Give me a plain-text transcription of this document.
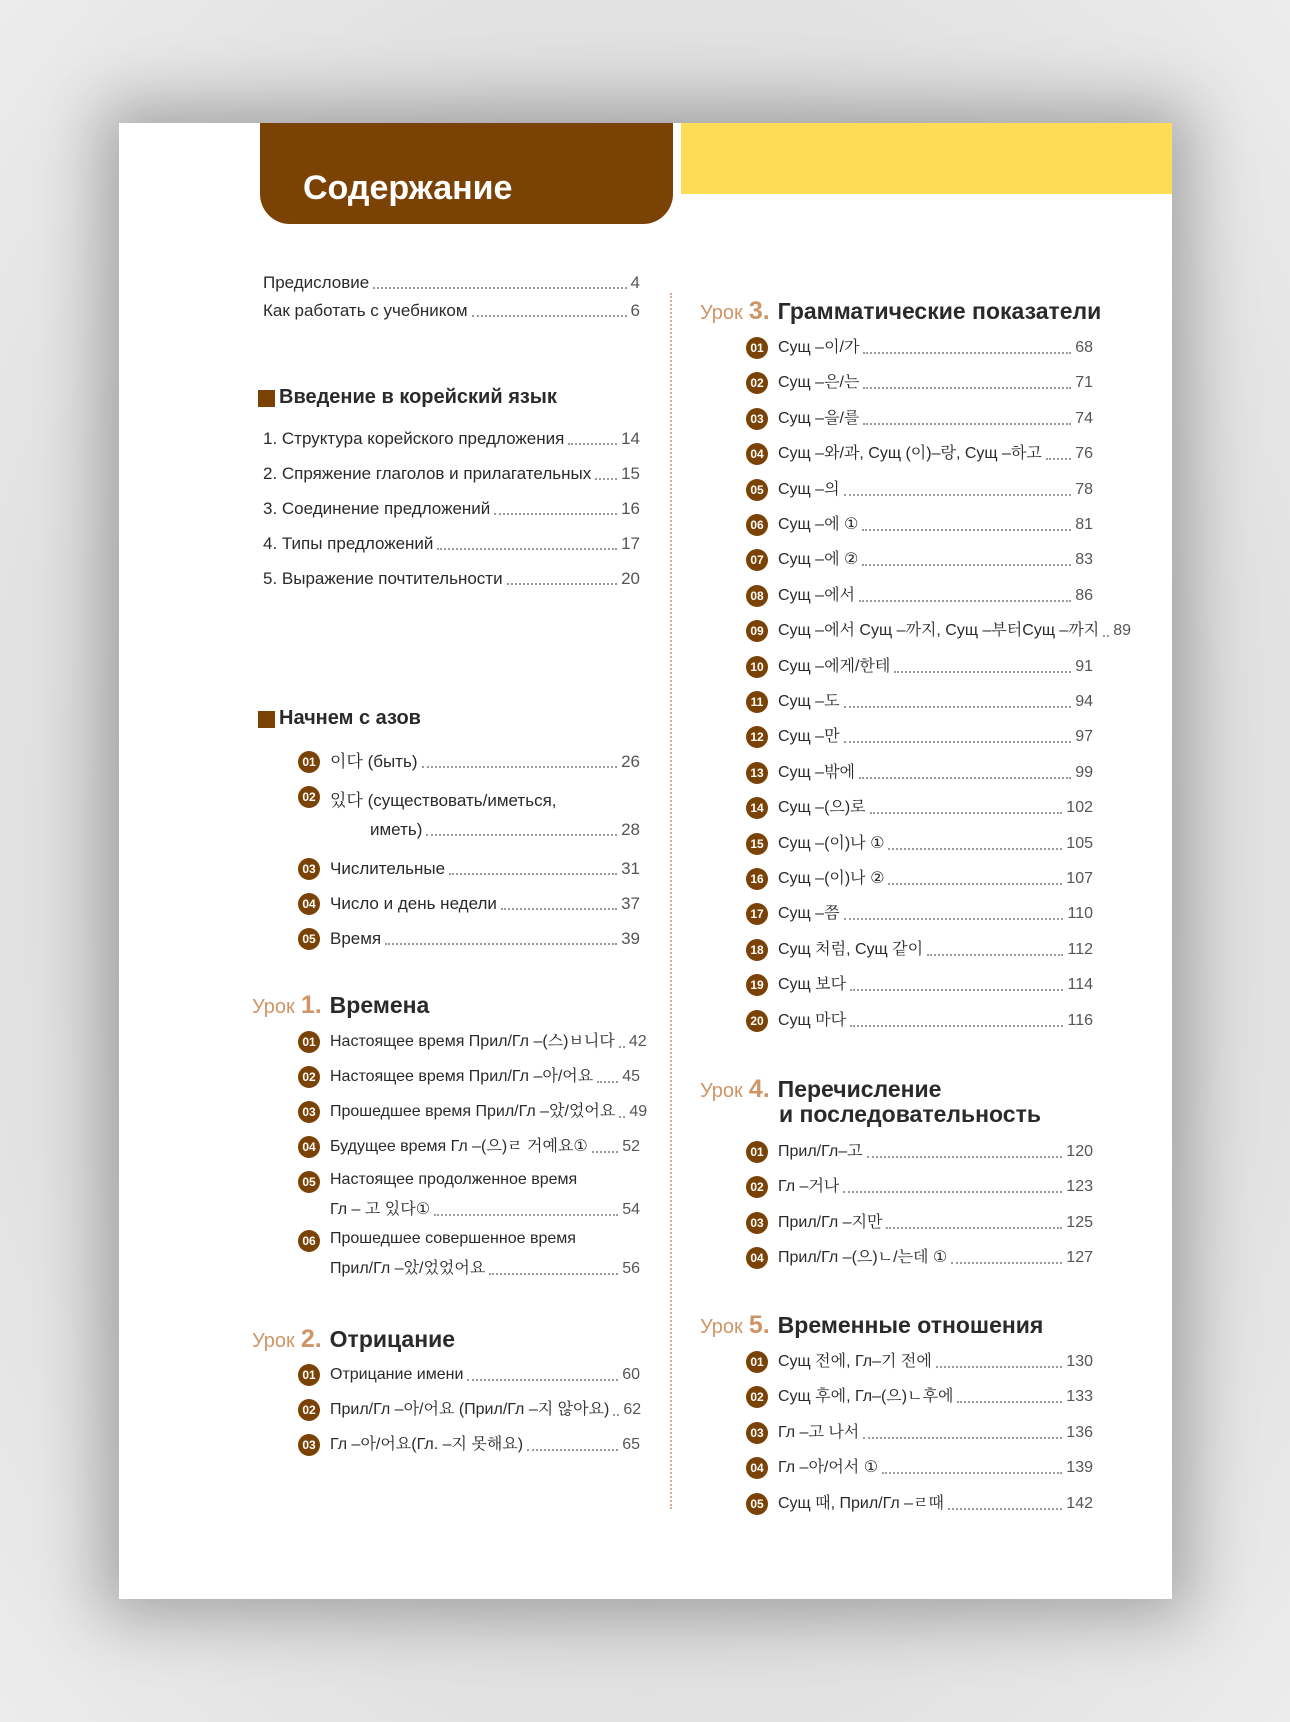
Содержание
Предисловие	4
Как работать с учебником	6
Введение в корейский язык
1. Структура корейского предложения	14
2. Спряжение глаголов и прилагательных 15
3. Соединение предложений	16
4. Типы предложений	17
5. Выражение почтительности	20
Начнем с азов
01 이다 (быть)	26
02 있다 (существовать/иметься,
иметь)	28
03 Числительные	31
04 Число и день недели	37
05 Время	39
Урок 1. Времена
01 Настоящее время Прил/Гл –(스)ㅂ니다 42
02 Настоящее время Прил/Гл –아/어요 45
03 Прошедшее время Прил/Гл –았/었어요 49
04 Будущее время Гл –(으)ㄹ 거예요① 52
05 Настоящее продолженное время
Гл – 고 있다①	54
06 Прошедшее совершенное время
Прил/Гл –았/었었어요	56
Урок 2. Отрицание
01 Отрицание имени	60
02 Прил/Гл –아/어요 (Прил/Гл –지 않아요) 62
03 Гл –아/어요(Гл. –지 못해요)	65
Урок 3. Грамматические показатели
01 Сущ –이/가	68
02 Сущ –은/는	71
03 Сущ –을/를	74
04 Сущ –와/과, Сущ (이)–랑, Сущ –하고 76
05 Сущ –의	78
06 Сущ –에 ①	81
07 Сущ –에 ②	83
08 Сущ –에서	86
09 Сущ –에서 Сущ –까지, Сущ –부터Сущ –까지 89
10 Сущ –에게/한테	91
11 Сущ –도	94
12 Сущ –만	97
13 Сущ –밖에	99
14 Сущ –(으)로	102
15 Сущ –(이)나 ①	105
16 Сущ –(이)나 ②	107
17 Сущ –쯤	110
18 Сущ 처럼, Сущ 같이	112
19 Сущ 보다	114
20 Сущ 마다	116
Урок 4. Перечисление
и последовательность
01 Прил/Гл–고	120
02 Гл –거나	123
03 Прил/Гл –지만	125
04 Прил/Гл –(으)ㄴ/는데 ①	127
Урок 5. Временные отношения
01 Сущ 전에, Гл–기 전에	130
02 Сущ 후에, Гл–(으)ㄴ후에	133
03 Гл –고 나서	136
04 Гл –아/어서 ①	139
05 Сущ 때, Прил/Гл –ㄹ때	142
